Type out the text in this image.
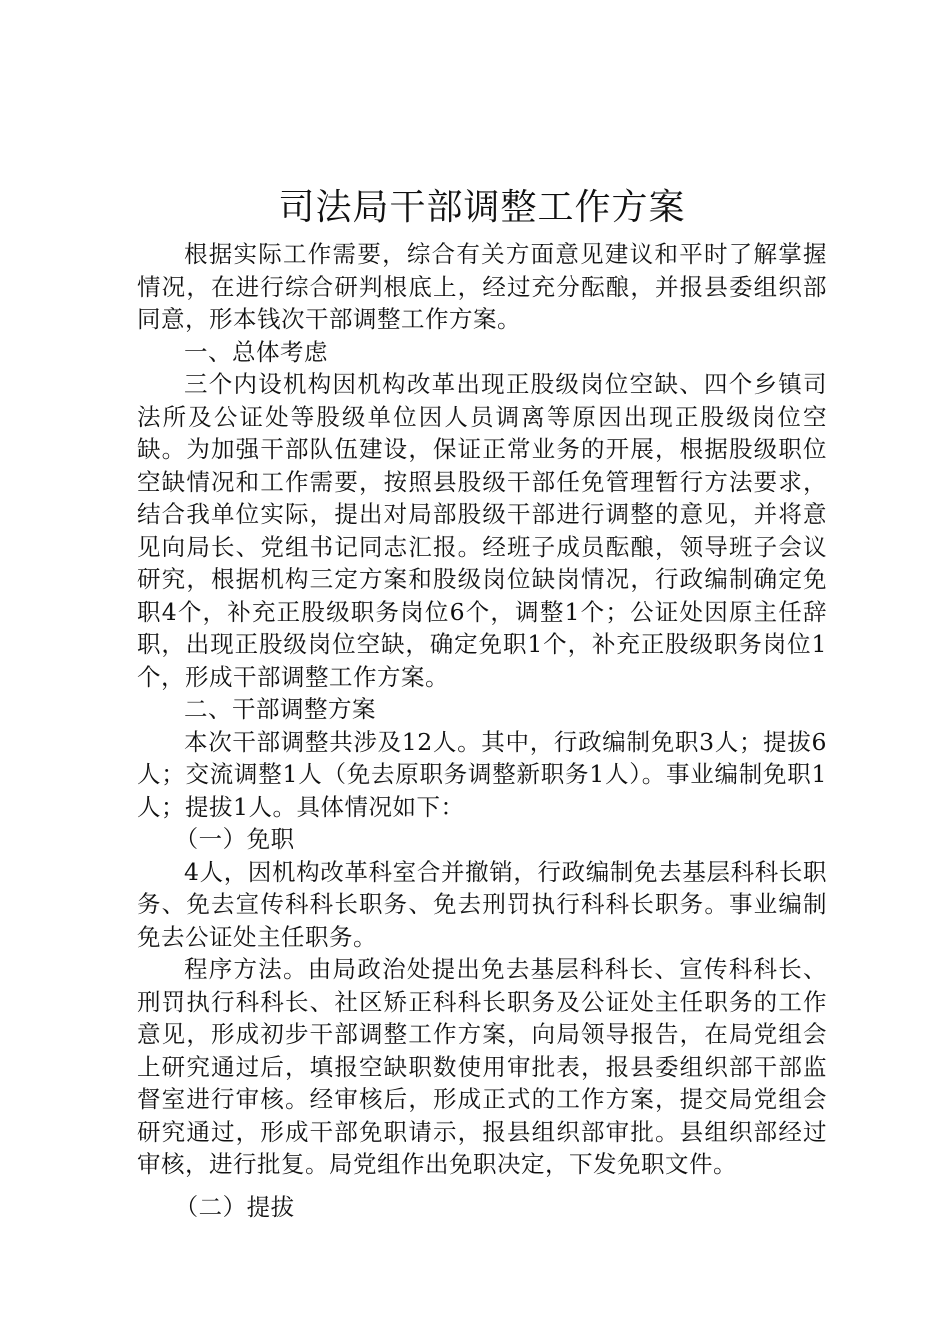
司法局干部调整工作方案

根据实际工作需要，综合有关方面意见建议和平时了解掌握情况，在进行综合研判根底上，经过充分酝酿，并报县委组织部同意，形本钱次干部调整工作方案。

一、总体考虑

三个内设机构因机构改革出现正股级岗位空缺、四个乡镇司法所及公证处等股级单位因人员调离等原因出现正股级岗位空缺。为加强干部队伍建设，保证正常业务的开展，根据股级职位空缺情况和工作需要，按照县股级干部任免管理暂行方法要求，结合我单位实际，提出对局部股级干部进行调整的意见，并将意见向局长、党组书记同志汇报。经班子成员酝酿，领导班子会议研究，根据机构三定方案和股级岗位缺岗情况，行政编制确定免职4个，补充正股级职务岗位6个，调整1个；公证处因原主任辞职，出现正股级岗位空缺，确定免职1个，补充正股级职务岗位1个，形成干部调整工作方案。

二、干部调整方案

本次干部调整共涉及12人。其中，行政编制免职3人；提拔6人；交流调整1人（免去原职务调整新职务1人）。事业编制免职1人；提拔1人。具体情况如下：

（一）免职

4人，因机构改革科室合并撤销，行政编制免去基层科科长职务、免去宣传科科长职务、免去刑罚执行科科长职务。事业编制免去公证处主任职务。

程序方法。由局政治处提出免去基层科科长、宣传科科长、刑罚执行科科长、社区矫正科科长职务及公证处主任职务的工作意见，形成初步干部调整工作方案，向局领导报告，在局党组会上研究通过后，填报空缺职数使用审批表，报县委组织部干部监督室进行审核。经审核后，形成正式的工作方案，提交局党组会研究通过，形成干部免职请示，报县组织部审批。县组织部经过审核，进行批复。局党组作出免职决定，下发免职文件。

（二）提拔
